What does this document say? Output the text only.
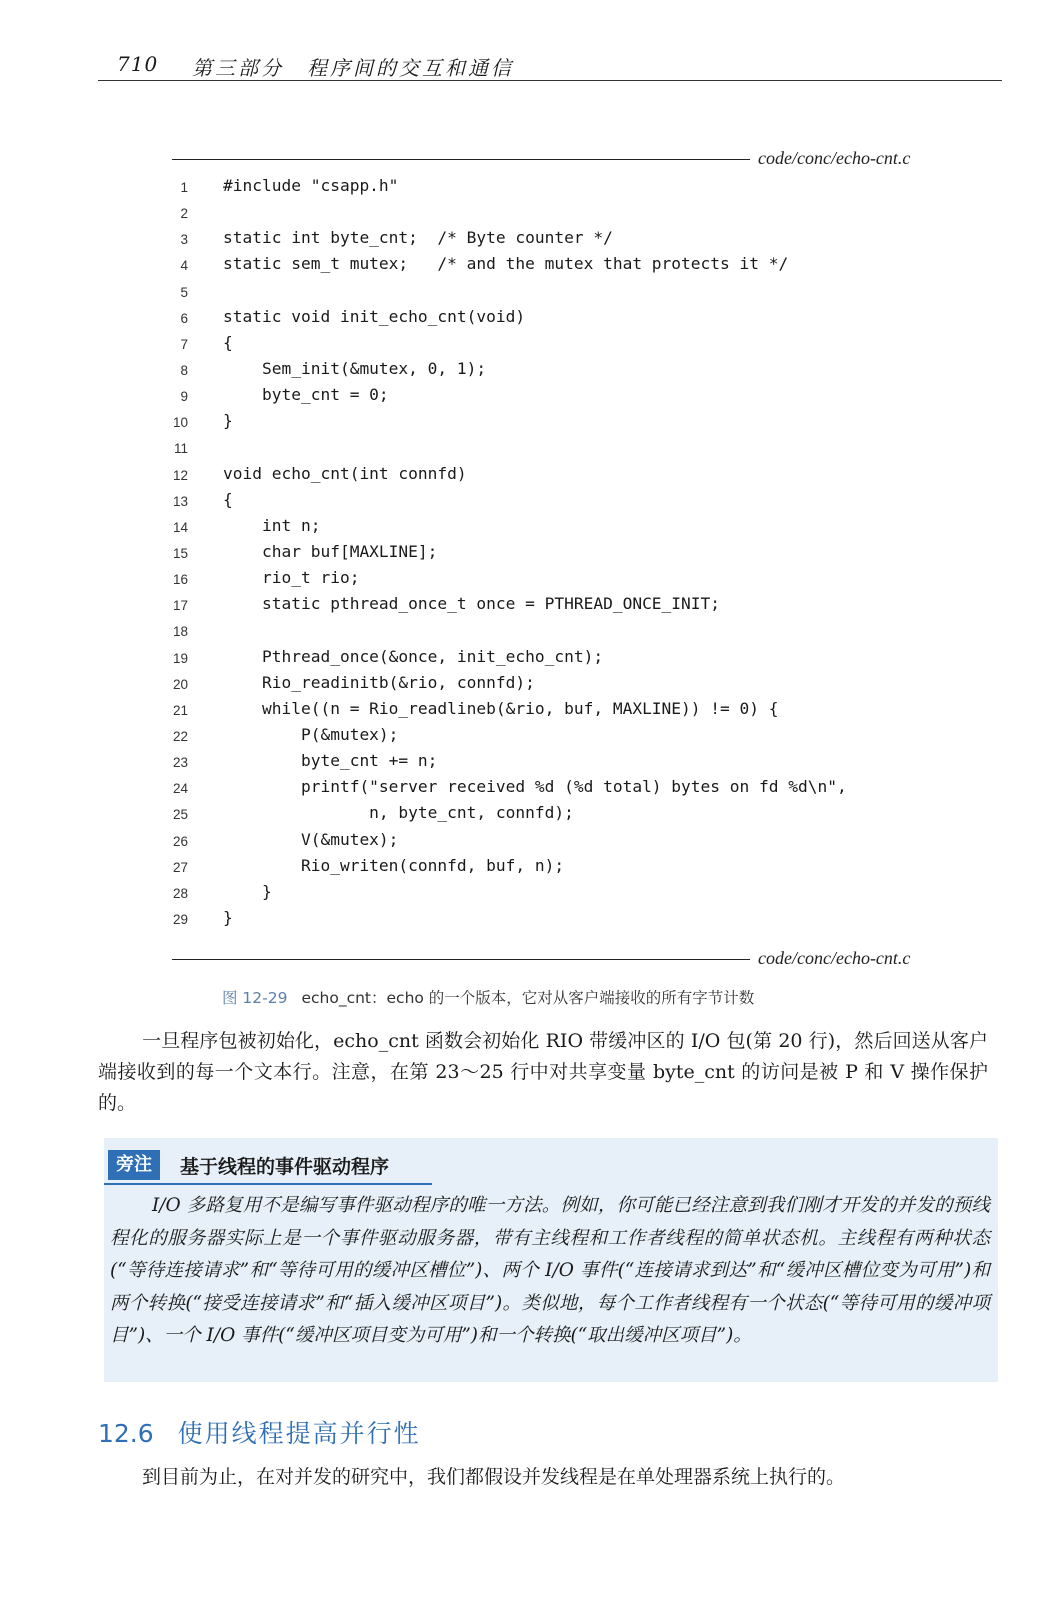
710 第三部分　程序间的交互和通信
code/conc/echo-cnt.c
1 #include "csapp.h"
2
3 static int byte_cnt;  /* Byte counter */
4 static sem_t mutex;   /* and the mutex that protects it */
5
6 static void init_echo_cnt(void)
7 {
8 Sem_init(&mutex, 0, 1);
9 byte_cnt = 0;
10 }
11
12 void echo_cnt(int connfd)
13 {
14 int n;
15 char buf[MAXLINE];
16 rio_t rio;
17 static pthread_once_t once = PTHREAD_ONCE_INIT;
18
19 Pthread_once(&once, init_echo_cnt);
20 Rio_readinitb(&rio, connfd);
21 while((n = Rio_readlineb(&rio, buf, MAXLINE)) != 0) {
22 P(&mutex);
23 byte_cnt += n;
24 printf("server received %d (%d total) bytes on fd %d\n",
25 n, byte_cnt, connfd);
26 V(&mutex);
27 Rio_writen(connfd, buf, n);
28 }
29 }
code/conc/echo-cnt.c
图 12-29 echo_cnt：echo 的一个版本，它对从客户端接收的所有字节计数
一旦程序包被初始化，echo_cnt 函数会初始化 RIO 带缓冲区的 I/O 包(第 20 行)，然后回送从客户端接收到的每一个文本行。注意，在第 23～25 行中对共享变量 byte_cnt 的访问是被 P 和 V 操作保护的。
旁注	基于线程的事件驱动程序
I/O 多路复用不是编写事件驱动程序的唯一方法。例如，你可能已经注意到我们刚才开发的并发的预线程化的服务器实际上是一个事件驱动服务器，带有主线程和工作者线程的简单状态机。主线程有两种状态(“等待连接请求”和“等待可用的缓冲区槽位”)、两个 I/O 事件(“连接请求到达”和“缓冲区槽位变为可用”)和两个转换(“接受连接请求”和“插入缓冲区项目”)。类似地，每个工作者线程有一个状态(“等待可用的缓冲项目”)、一个 I/O 事件(“缓冲区项目变为可用”)和一个转换(“取出缓冲区项目”)。
12.6 使用线程提高并行性
到目前为止，在对并发的研究中，我们都假设并发线程是在单处理器系统上执行的。
